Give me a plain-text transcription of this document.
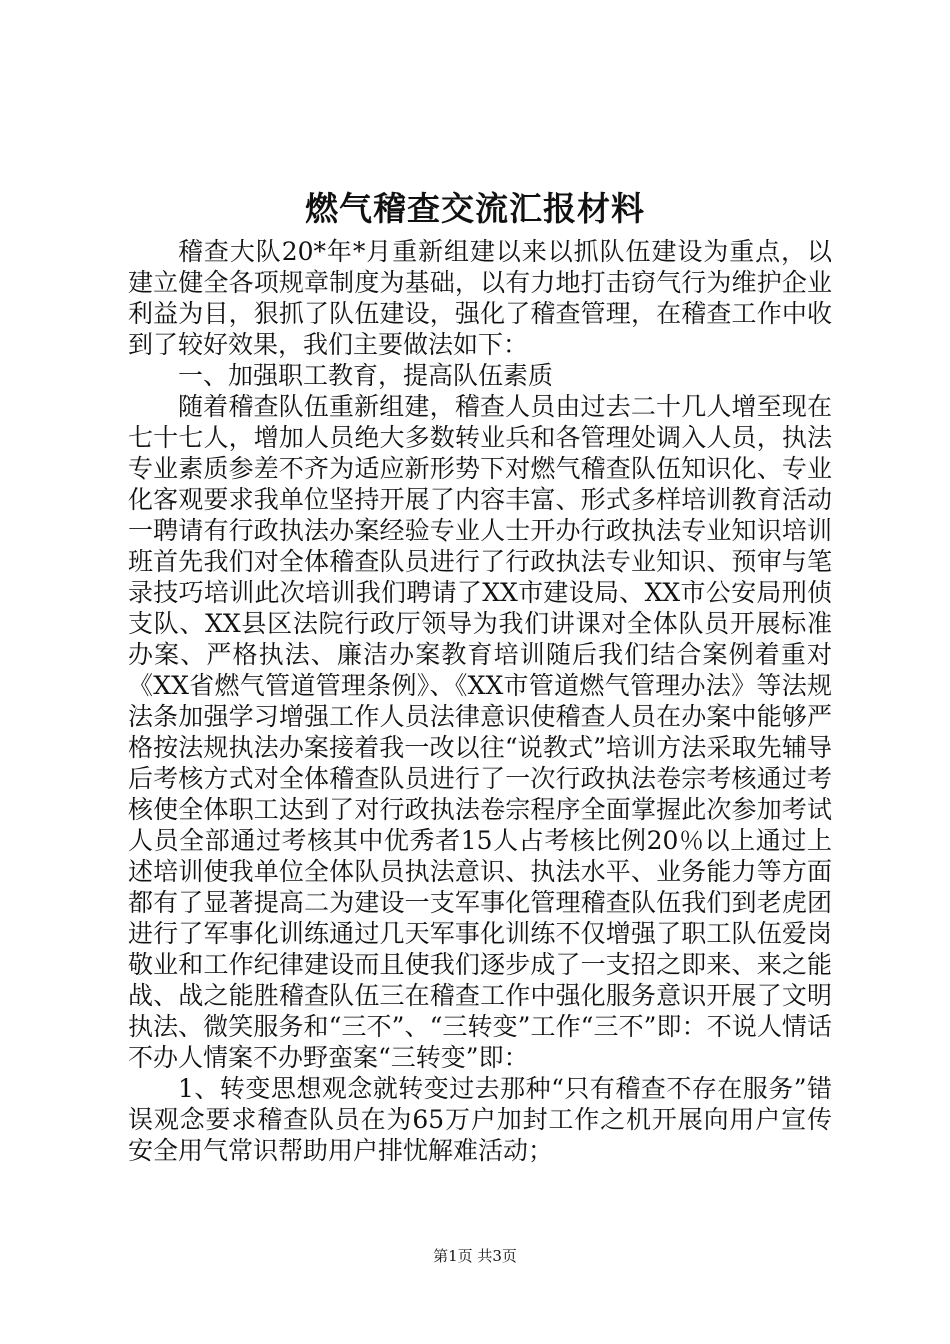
燃气稽查交流汇报材料

稽查大队20*年*月重新组建以来以抓队伍建设为重点，以建立健全各项规章制度为基础，以有力地打击窃气行为维护企业利益为目，狠抓了队伍建设，强化了稽查管理，在稽查工作中收到了较好效果，我们主要做法如下：

一、加强职工教育，提高队伍素质

随着稽查队伍重新组建，稽查人员由过去二十几人增至现在七十七人，增加人员绝大多数转业兵和各管理处调入人员，执法专业素质参差不齐为适应新形势下对燃气稽查队伍知识化、专业化客观要求我单位坚持开展了内容丰富、形式多样培训教育活动一聘请有行政执法办案经验专业人士开办行政执法专业知识培训班首先我们对全体稽查队员进行了行政执法专业知识、预审与笔录技巧培训此次培训我们聘请了XX市建设局、XX市公安局刑侦支队、XX县区法院行政厅领导为我们讲课对全体队员开展标准办案、严格执法、廉洁办案教育培训随后我们结合案例着重对《XX省燃气管道管理条例》、《XX市管道燃气管理办法》等法规法条加强学习增强工作人员法律意识使稽查人员在办案中能够严格按法规执法办案接着我一改以往“说教式”培训方法采取先辅导后考核方式对全体稽查队员进行了一次行政执法卷宗考核通过考核使全体职工达到了对行政执法卷宗程序全面掌握此次参加考试人员全部通过考核其中优秀者15人占考核比例20％以上通过上述培训使我单位全体队员执法意识、执法水平、业务能力等方面都有了显著提高二为建设一支军事化管理稽查队伍我们到老虎团进行了军事化训练通过几天军事化训练不仅增强了职工队伍爱岗敬业和工作纪律建设而且使我们逐步成了一支招之即来、来之能战、战之能胜稽查队伍三在稽查工作中强化服务意识开展了文明执法、微笑服务和“三不”、“三转变”工作“三不”即：不说人情话不办人情案不办野蛮案“三转变”即：

1、转变思想观念就转变过去那种“只有稽查不存在服务”错误观念要求稽查队员在为65万户加封工作之机开展向用户宣传安全用气常识帮助用户排忧解难活动；

第1页 共3页
